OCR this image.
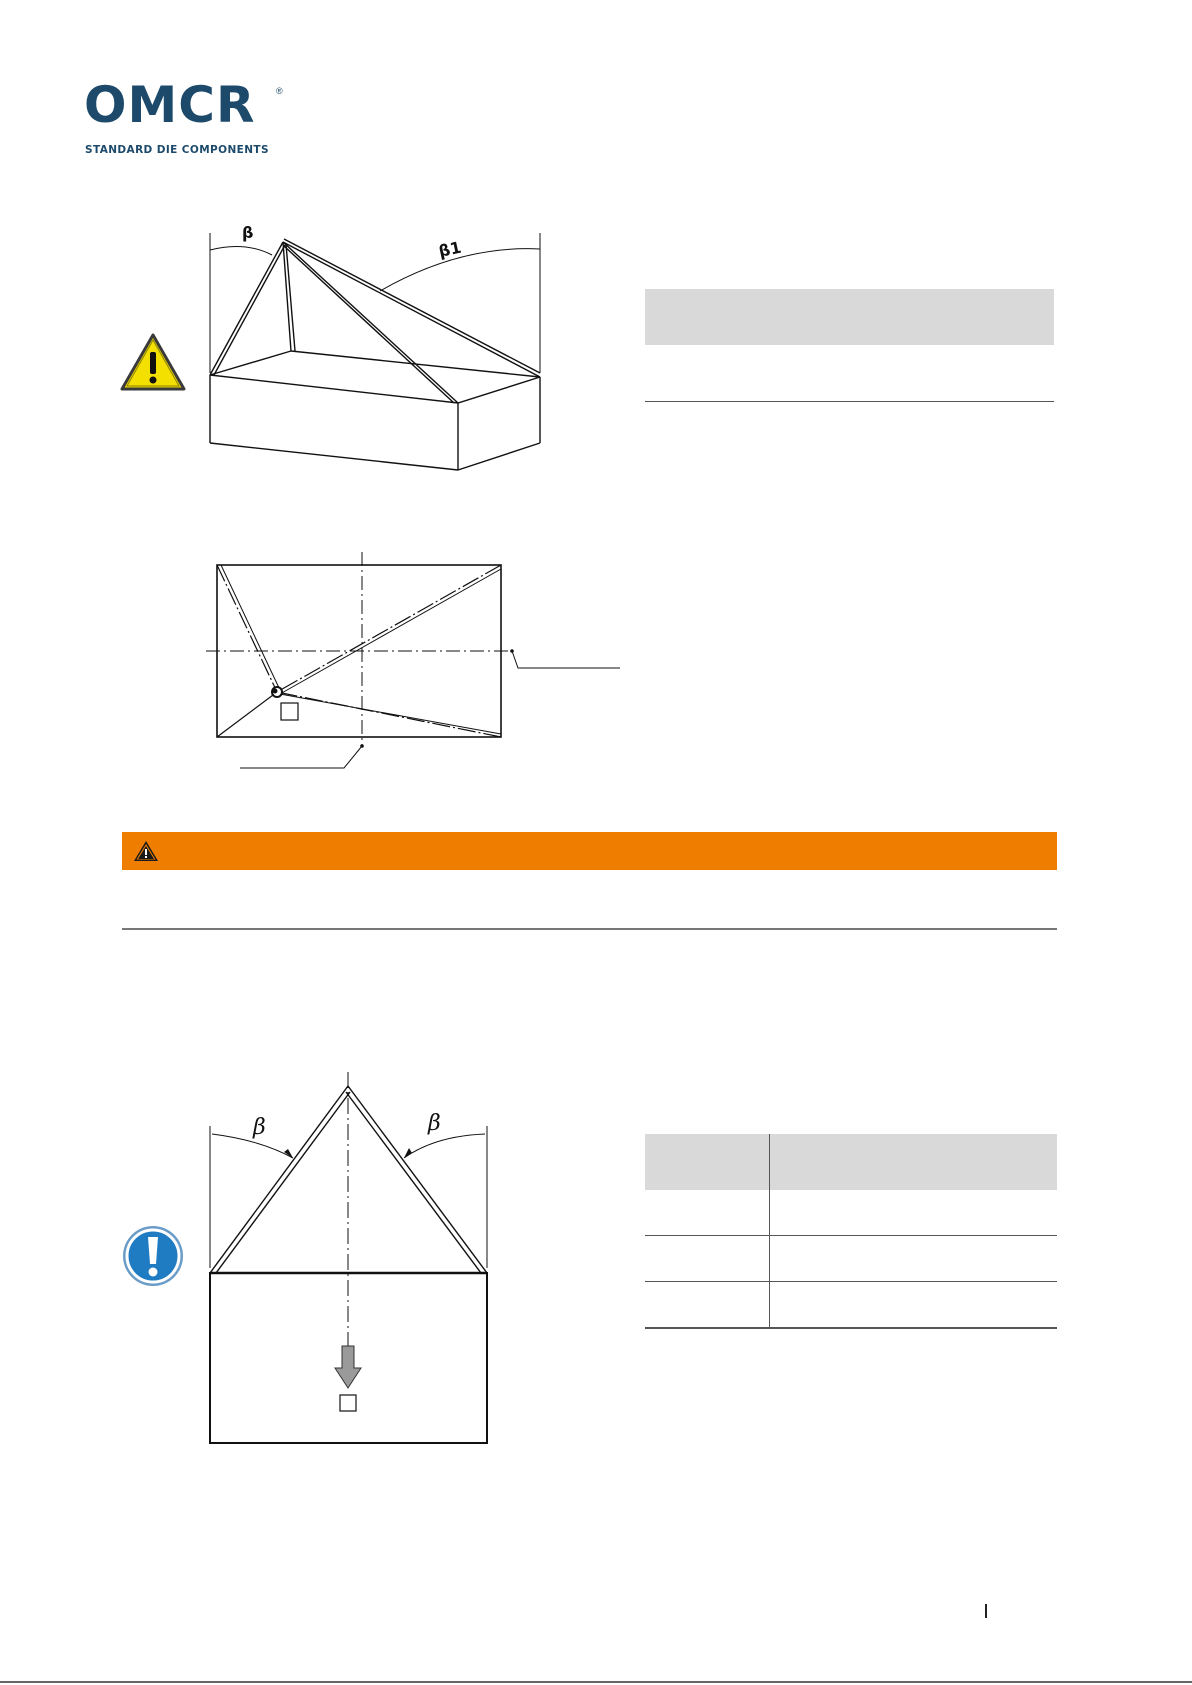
OMCR ®
STANDARD DIE COMPONENTS
β
β1

β	β
